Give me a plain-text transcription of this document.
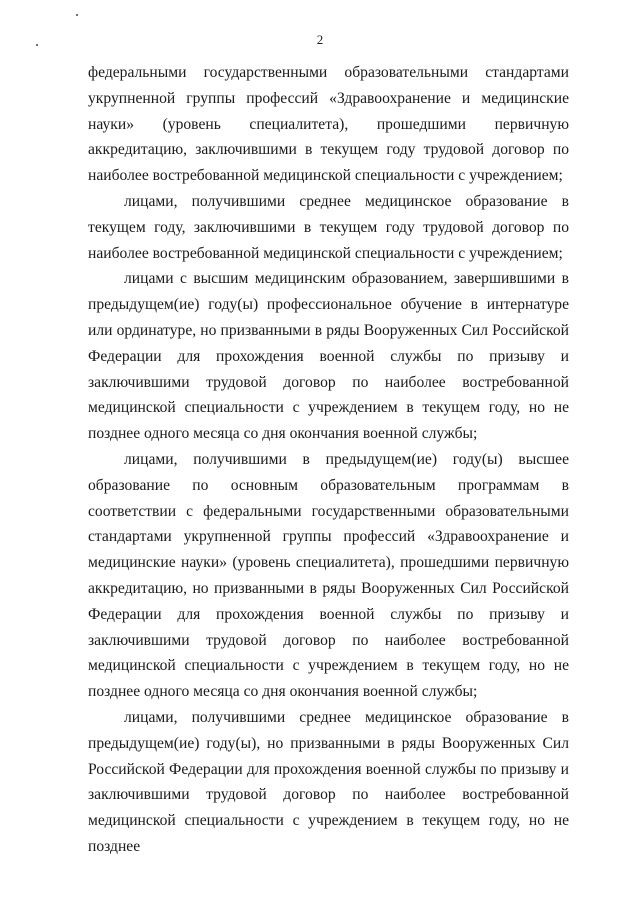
2

федеральными государственными образовательными стандартами укрупненной группы профессий «Здравоохранение и медицинские науки» (уровень специалитета), прошедшими первичную аккредитацию, заключившими в текущем году трудовой договор по наиболее востребованной медицинской специальности с учреждением;

лицами, получившими среднее медицинское образование в текущем году, заключившими в текущем году трудовой договор по наиболее востребованной медицинской специальности с учреждением;

лицами с высшим медицинским образованием, завершившими в предыдущем(ие) году(ы) профессиональное обучение в интернатуре или ординатуре, но призванными в ряды Вооруженных Сил Российской Федерации для прохождения военной службы по призыву и заключившими трудовой договор по наиболее востребованной медицинской специальности с учреждением в текущем году, но не позднее одного месяца со дня окончания военной службы;

лицами, получившими в предыдущем(ие) году(ы) высшее образование по основным образовательным программам в соответствии с федеральными государственными образовательными стандартами укрупненной группы профессий «Здравоохранение и медицинские науки» (уровень специалитета), прошедшими первичную аккредитацию, но призванными в ряды Вооруженных Сил Российской Федерации для прохождения военной службы по призыву и заключившими трудовой договор по наиболее востребованной медицинской специальности с учреждением в текущем году, но не позднее одного месяца со дня окончания военной службы;

лицами, получившими среднее медицинское образование в предыдущем(ие) году(ы), но призванными в ряды Вооруженных Сил Российской Федерации для прохождения военной службы по призыву и заключившими трудовой договор по наиболее востребованной медицинской специальности с учреждением в текущем году, но не позднее
